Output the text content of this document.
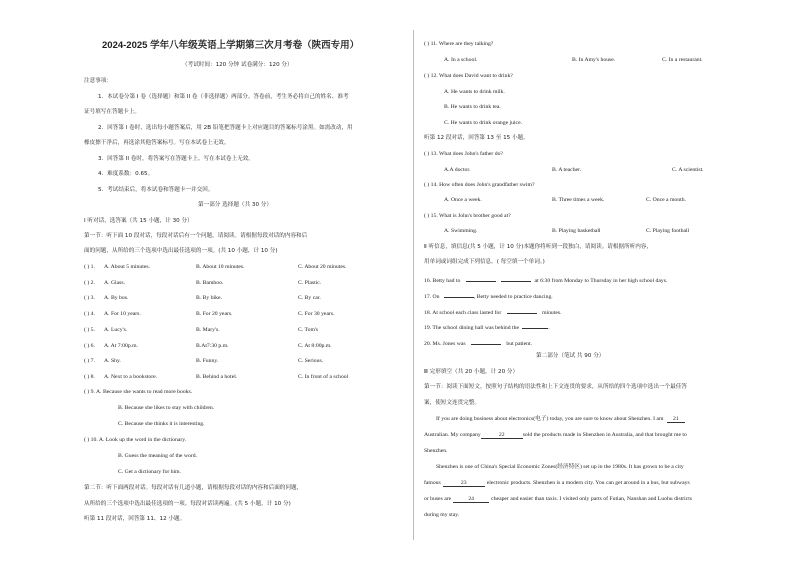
2024-2025 学年八年级英语上学期第三次月考卷（陕西专用）
（考试时间：120 分钟 试卷满分：120 分）
注意事项：
1．本试卷分第 I 卷（选择题）和第 II 卷（非选择题）两部分。答卷前，考生务必将自己的姓名、准考
证号填写在答题卡上。
2．回答第 I 卷时，选出每小题答案后，用 2B 铅笔把答题卡上对应题目的答案标号涂黑。如需改动，用
橡皮擦干净后，再选涂其他答案标号。写在本试卷上无效。
3．回答第 II 卷时，将答案写在答题卡上。写在本试卷上无效。
4．难度系数：0.65。
5．考试结束后，将本试卷和答题卡一并交回。
第一部分 选择题（共 30 分）
Ⅰ 听对话，选答案（共 15 小题，计 30 分）
第一节：听下面 10 段对话，每段对话后有一个问题，请阅读。请根据每段对话的内容和后
面的问题，从所给的三个选项中选出最佳选项的一项。(共 10 小题，计 10 分)
( ) 1. A. About 5 minutes.	B. About 10 minutes.	C. About 20 minutes.
( ) 2. A. Glass.	B. Bamboo.	C. Plastic.
( ) 3. A. By bus.	B. By bike.	C. By car.
( ) 4. A. For 10 years.	B. For 20 years.	C. For 30 years.
( ) 5. A. Lucy's.	B. Mary's.	C. Tom's
( ) 6. A. At 7:00p.m.	B.At7:30 p.m.	C. At 8:00p.m.
( ) 7. A. Shy.	B. Funny.	C. Serious.
( ) 8. A. Next to a bookstore.	B. Behind a hotel.	C. In front of a school
( ) 9. A. Because she wants to read more books.
B. Because she likes to stay with children.
C. Because she thinks it is interesting.
( ) 10. A. Look up the word in the dictionary.
B. Guess the meaning of the word.
C. Get a dictionary for him.
第二节：听下面两段对话。每段对话有几道小题，请根据每段对话的内容和后面的问题，
从所给的三个选项中选出最佳选项的一项。每段对话读两遍。(共 5 小题，计 10 分)
听第 11 段对话，回答第 11、12 小题。
( ) 11. Where are they talking?
A. In a school.	B. In Amy's house.	C. In a restaurant.
( ) 12. What does David want to drink?
A. He wants to drink milk.
B. He wants to drink tea.
C. He wants to drink orange juice.
听第 12 段对话，回答第 13 至 15 小题。
( ) 13. What does John's father do?
A.A doctor.	B. A teacher.	C. A scientist.
( ) 14. How often does John's grandfather swim?
A. Once a week.	B. Three times a week.	C. Once a month.
( ) 15. What is John's brother good at?
A. Swimming.	B. Playing basketball	C. Playing football
Ⅱ 听信息，填信息(共 5 小题，计 10 分)本题你将听到一段独白，请阅读。请根据所听内容，
用单词或词组完成下列信息。( 每空填一个单词。)
16. Betty had to	at 6:30 from Monday to Thursday in her high school days.
17. On	, Betty needed to practice dancing.
18. At school each class lasted for	minutes.
19. The school dining hall was behind the	.
20. Ms. Jones was	but patient.
第二部分（笔试 共 90 分）
Ⅲ 完形填空（共 20 小题，计 20 分）
第一节：阅读下面短文，按照句子结构的语法性和上下文连贯的要求，从所给的四个选项中选出一个最佳答
案，使短文连贯完整。
If you are doing business about electronics(电子) today, you are sure to know about Shenzhen. I am 21
Australian. My company	22	sold the products made in Shenzhen in Australia, and that brought me to
Shenzhen.
Shenzhen is one of China's Special Economic Zones(经济特区) set up in the 1980s. It has grown to be a city
famous	23	electronic products. Shenzhen is a modern city. You can get around in a bus, but subways
or buses are	24	cheaper and easier than taxis. I visited only parts of Futian, Nanshan and Luohu districts
during my stay.
